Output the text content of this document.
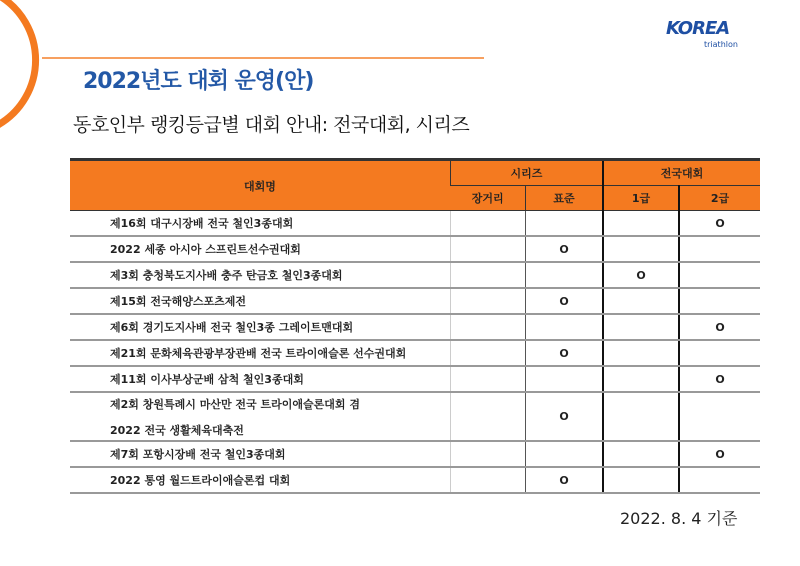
KOREA
triathlon
2022년도 대회 운영(안)
동호인부 랭킹등급별 대회 안내: 전국대회, 시리즈
대회명	시리즈		전국대회	
	장거리	표준	1급	2급
제16회 대구시장배 전국 철인3종대회				O
2022 세종 아시아 스프린트선수권대회		O		
제3회 충청북도지사배 충주 탄금호 철인3종대회			O	
제15회 전국해양스포츠제전		O		
제6회 경기도지사배 전국 철인3종 그레이트맨대회				O
제21회 문화체육관광부장관배 전국 트라이애슬론 선수권대회		O		
제11회 이사부상군배 삼척 철인3종대회				O
제2회 창원특례시 마산만 전국 트라이애슬론대회 겸
2022 전국 생활체육대축전		O		
제7회 포항시장배 전국 철인3종대회				O
2022 통영 월드트라이애슬론컵 대회		O		
2022. 8. 4 기준
